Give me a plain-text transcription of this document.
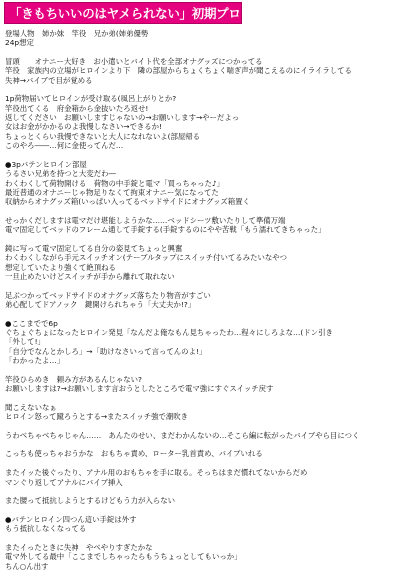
「きもちいいのはヤメられない」初期プロット
登場人物　姉か妹　竿役　兄か弟(姉弟優勢
24p想定
冒頭　　オナニー大好き　お小遣いとバイト代を全部オナグッズにつかってる
竿役　家族内の立場がヒロインより下　隣の部屋からちょくちょく喘ぎ声が聞こえるのにイライラしてる
失神→バイブで目が覚める
1p荷物届いてヒロインが受け取る(風呂上がりとか?
竿役出てくる　府金箱から金抜いたろ返せ!
返してください　お願いしますじゃないの→お願いします→やーだよっ
女はお金がかかるのよ我慢しなさい→できるか!
ちょっとくらい我慢できないと大人になれないよ(部屋帰る
このやろ――…何に金使ってんだ…
●3pバテンヒロイン部屋
うるさい兄弟を持つと大変だわ―
わくわくして荷物開ける　荷物の中手錠と電マ「買っちゃった♪」
最近普通のオナニーじゃ物足りなくて拘束オナニー気になってた
収納からオナグッズ箱(いっぱい入ってるベッドサイドにオナグッズ箱置く
せっかくだしますは電マだけ堪能しようかな……ベッドシーツ敷いたりして準備万端
電マ固定してベッドのフレーム通して手錠する(手錠するのにやや苦戦「もう濡れてきちゃった」
鏡に写って電マ固定してる自分の姿見てちょっと興奮
わくわくしながら手元スイッチオン(テーブルタップにスイッチ付いてるみたいなやつ
想定していたより強くて絶頂ねる
一旦止めたいけどスイッチが手から離れて取れない
足ぶつかってベッドサイドのオナグッズ落ちたり物音がすごい
弟心配してドアノック　鍵開けられちゃう「大丈夫か!?」
●ここまでで6p
ぐちょぐちょになったヒロイン発見「なんだよ俺なもん見ちゃったわ…程々にしろよな…(ドン引き
「外して!」
「自分でなんとかしろ」→「助けなさいって言ってんのよ!」
「わかったよ…」
竿役ひらめき　頼み方があるんじゃない?
お願いしますは?→お願いします言おうとしたところで電マ強にすぐスイッチ戻す
聞こえないなぁ
ヒロイン怒って蹴ろうとする→またスイッチ強で潮吹き
うわべちゃべちゃじゃん……　あんたのせい、まだわかんないの…そこら編に転がったバイブやら目につく
こっちも使っちゃおうかな　おもちゃ責め、ローター乳首責め、バイブいれる
またイッた後ぐったり、アナル用のおもちゃを手に取る。そっちはまだ慣れてないからだめ
マンぐり返してアナルにバイブ挿入
また腰って抵抗しようとするけどもう力が入らない
●バテンヒロイン四つん這い手錠は外す
もう抵抗しなくなってる
またイったときに失神　やべやりすぎたかな
電マ外してる最中「ここまでしちゃったらもうちょっとしてもいっか」
ちん○ん出す
